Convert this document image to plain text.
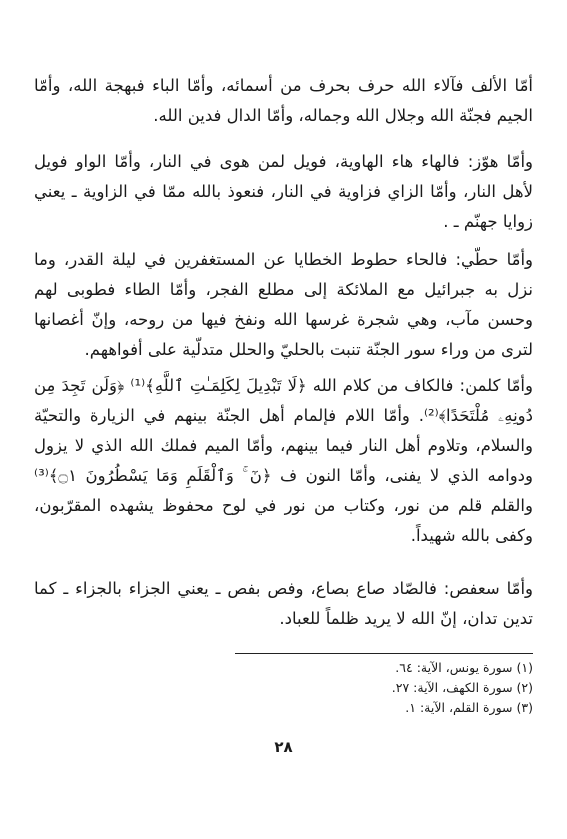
أمّا الألف فآلاء الله حرف بحرف من أسمائه، وأمّا الباء فبهجة الله، وأمّا الجيم فجنّة الله وجلال الله وجماله، وأمّا الدال فدين الله.

وأمّا هوّز: فالهاء هاء الهاوية، فويل لمن هوى في النار، وأمّا الواو فويل لأهل النار، وأمّا الزاي فزاوية في النار، فنعوذ بالله ممّا في الزاوية ـ يعني زوايا جهنّم ـ .

وأمّا حطّي: فالحاء حطوط الخطايا عن المستغفرين في ليلة القدر، وما نزل به جبرائيل مع الملائكة إلى مطلع الفجر، وأمّا الطاء فطوبى لهم وحسن مآب، وهي شجرة غرسها الله ونفخ فيها من روحه، وإنّ أغصانها لترى من وراء سور الجنّة تنبت بالحليّ والحلل متدلّية على أفواههم.

وأمّا كلمن: فالكاف من كلام الله ﴿لَا تَبْدِيلَ لِكَلِمَـٰتِ ٱللَّهِ﴾⁽¹⁾ ﴿وَلَن تَجِدَ مِن دُونِهِۦ مُلْتَحَدًا﴾⁽²⁾. وأمّا اللام فإلمام أهل الجنّة بينهم في الزيارة والتحيّة والسلام، وتلاوم أهل النار فيما بينهم، وأمّا الميم فملك الله الذي لا يزول ودوامه الذي لا يفنى، وأمّا النون ف ﴿نٓ ۚ وَٱلْقَلَمِ وَمَا يَسْطُرُونَ ۝١﴾⁽³⁾ والقلم قلم من نور، وكتاب من نور في لوح محفوظ يشهده المقرّبون، وكفى بالله شهيداً.

وأمّا سعفص: فالصّاد صاع بصاع، وفص بفص ـ يعني الجزاء بالجزاء ـ كما تدين تدان، إنّ الله لا يريد ظلماً للعباد.

(١) سورة يونس، الآية: ٦٤.
(٢) سورة الكهف، الآية: ٢٧.
(٣) سورة القلم، الآية: ١.
٢٨
